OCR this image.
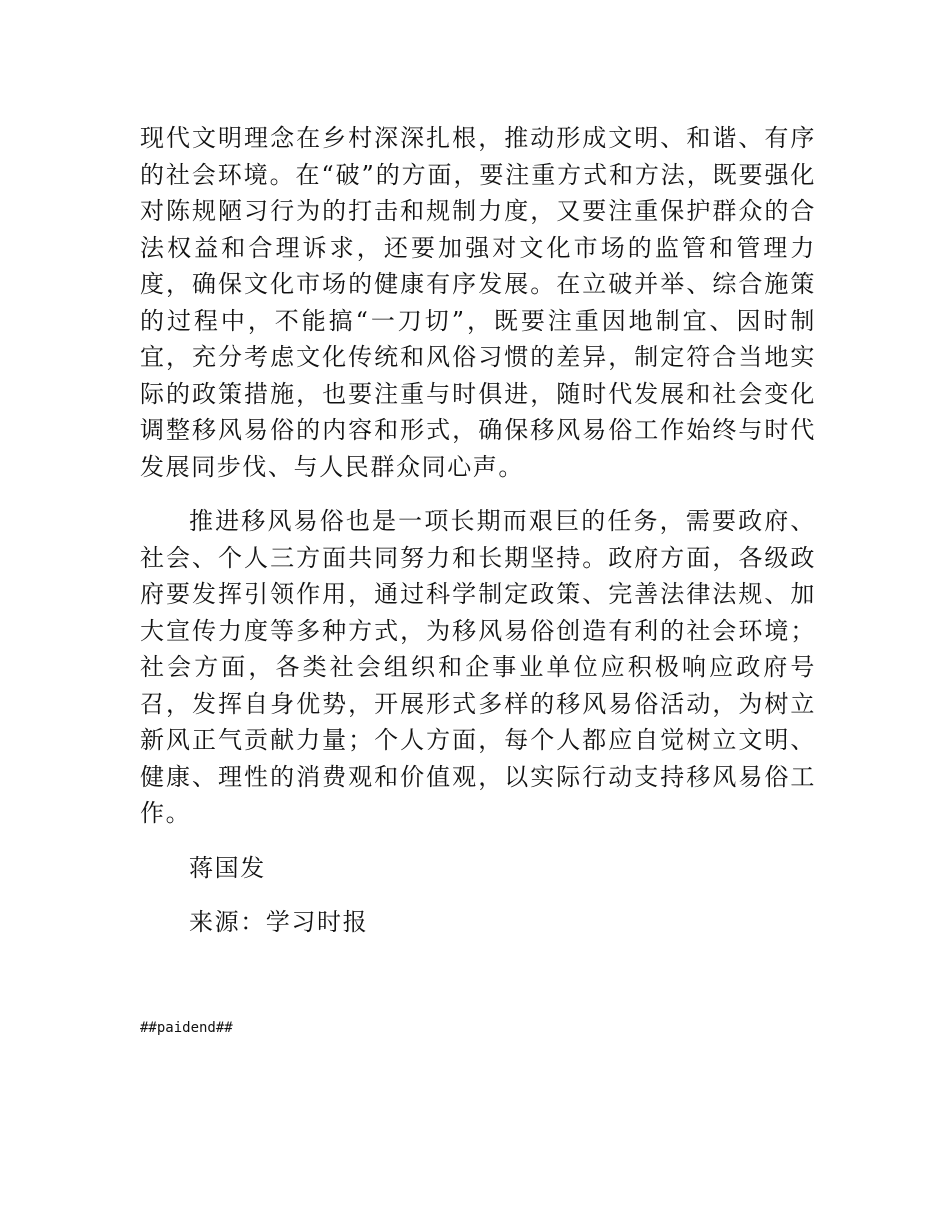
现代文明理念在乡村深深扎根，推动形成文明、和谐、有序的社会环境。在“破”的方面，要注重方式和方法，既要强化对陈规陋习行为的打击和规制力度，又要注重保护群众的合法权益和合理诉求，还要加强对文化市场的监管和管理力度，确保文化市场的健康有序发展。在立破并举、综合施策的过程中，不能搞“一刀切”，既要注重因地制宜、因时制宜，充分考虑文化传统和风俗习惯的差异，制定符合当地实际的政策措施，也要注重与时俱进，随时代发展和社会变化调整移风易俗的内容和形式，确保移风易俗工作始终与时代发展同步伐、与人民群众同心声。

推进移风易俗也是一项长期而艰巨的任务，需要政府、社会、个人三方面共同努力和长期坚持。政府方面，各级政府要发挥引领作用，通过科学制定政策、完善法律法规、加大宣传力度等多种方式，为移风易俗创造有利的社会环境；社会方面，各类社会组织和企事业单位应积极响应政府号召，发挥自身优势，开展形式多样的移风易俗活动，为树立新风正气贡献力量；个人方面，每个人都应自觉树立文明、健康、理性的消费观和价值观，以实际行动支持移风易俗工作。

蒋国发

来源：学习时报

##paidend##
